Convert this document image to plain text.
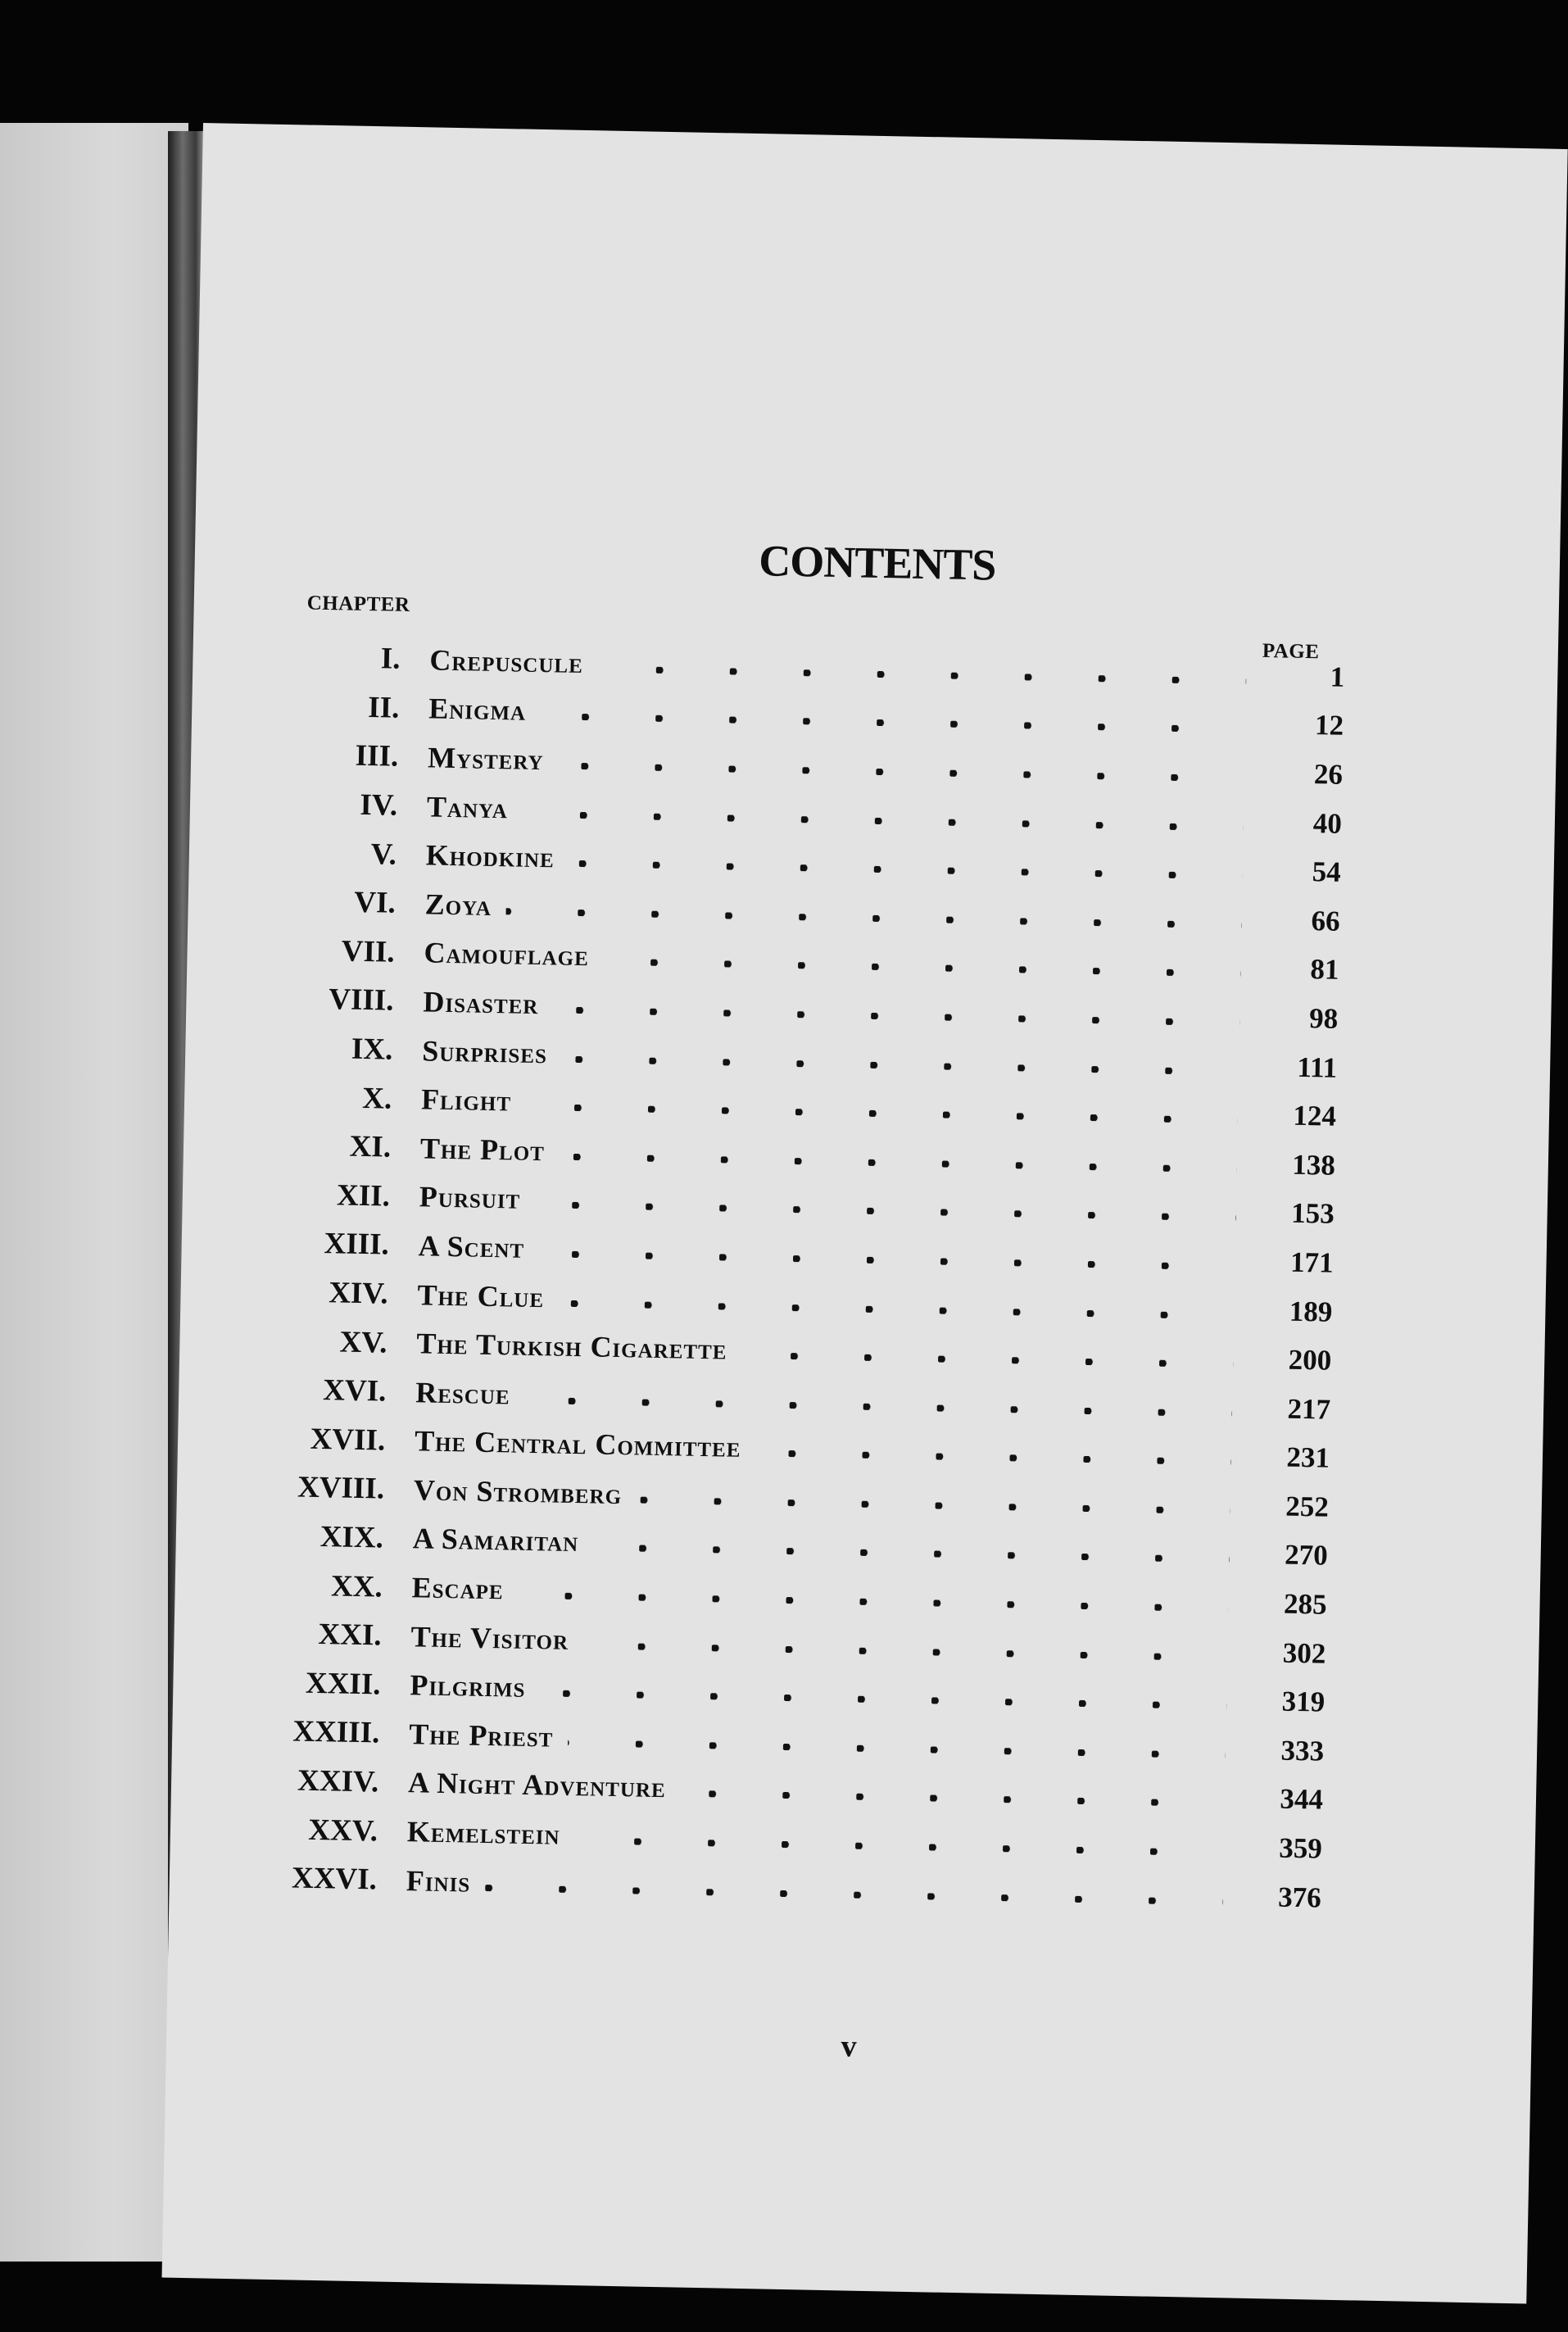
CONTENTS
CHAPTER
PAGE
I. Crepuscule	1
II. Enigma	12
III. Mystery	26
IV. Tanya	40
V. Khodkine	54
VI. Zoya	66
VII. Camouflage	81
VIII. Disaster	98
IX. Surprises	111
X. Flight	124
XI. The Plot	138
XII. Pursuit	153
XIII. A Scent	171
XIV. The Clue	189
XV. The Turkish Cigarette	200
XVI. Rescue	217
XVII. The Central Committee	231
XVIII. Von Stromberg	252
XIX. A Samaritan	270
XX. Escape	285
XXI. The Visitor	302
XXII. Pilgrims	319
XXIII. The Priest	333
XXIV. A Night Adventure	344
XXV. Kemelstein	359
XXVI. Finis	376
v
